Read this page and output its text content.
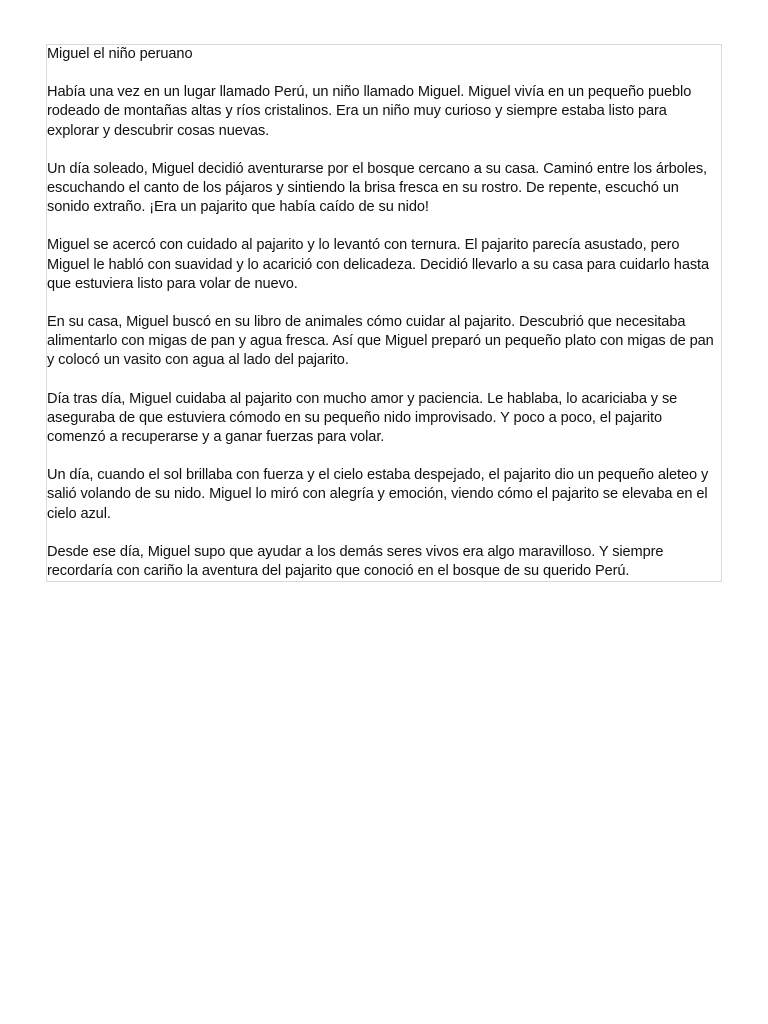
Miguel el niño peruano

Había una vez en un lugar llamado Perú, un niño llamado Miguel. Miguel vivía en un pequeño pueblo rodeado de montañas altas y ríos cristalinos. Era un niño muy curioso y siempre estaba listo para explorar y descubrir cosas nuevas.

Un día soleado, Miguel decidió aventurarse por el bosque cercano a su casa. Caminó entre los árboles, escuchando el canto de los pájaros y sintiendo la brisa fresca en su rostro. De repente, escuchó un sonido extraño. ¡Era un pajarito que había caído de su nido!

Miguel se acercó con cuidado al pajarito y lo levantó con ternura. El pajarito parecía asustado, pero Miguel le habló con suavidad y lo acarició con delicadeza. Decidió llevarlo a su casa para cuidarlo hasta que estuviera listo para volar de nuevo.

En su casa, Miguel buscó en su libro de animales cómo cuidar al pajarito. Descubrió que necesitaba alimentarlo con migas de pan y agua fresca. Así que Miguel preparó un pequeño plato con migas de pan y colocó un vasito con agua al lado del pajarito.

Día tras día, Miguel cuidaba al pajarito con mucho amor y paciencia. Le hablaba, lo acariciaba y se aseguraba de que estuviera cómodo en su pequeño nido improvisado. Y poco a poco, el pajarito comenzó a recuperarse y a ganar fuerzas para volar.

Un día, cuando el sol brillaba con fuerza y el cielo estaba despejado, el pajarito dio un pequeño aleteo y salió volando de su nido. Miguel lo miró con alegría y emoción, viendo cómo el pajarito se elevaba en el cielo azul.

Desde ese día, Miguel supo que ayudar a los demás seres vivos era algo maravilloso. Y siempre recordaría con cariño la aventura del pajarito que conoció en el bosque de su querido Perú.
